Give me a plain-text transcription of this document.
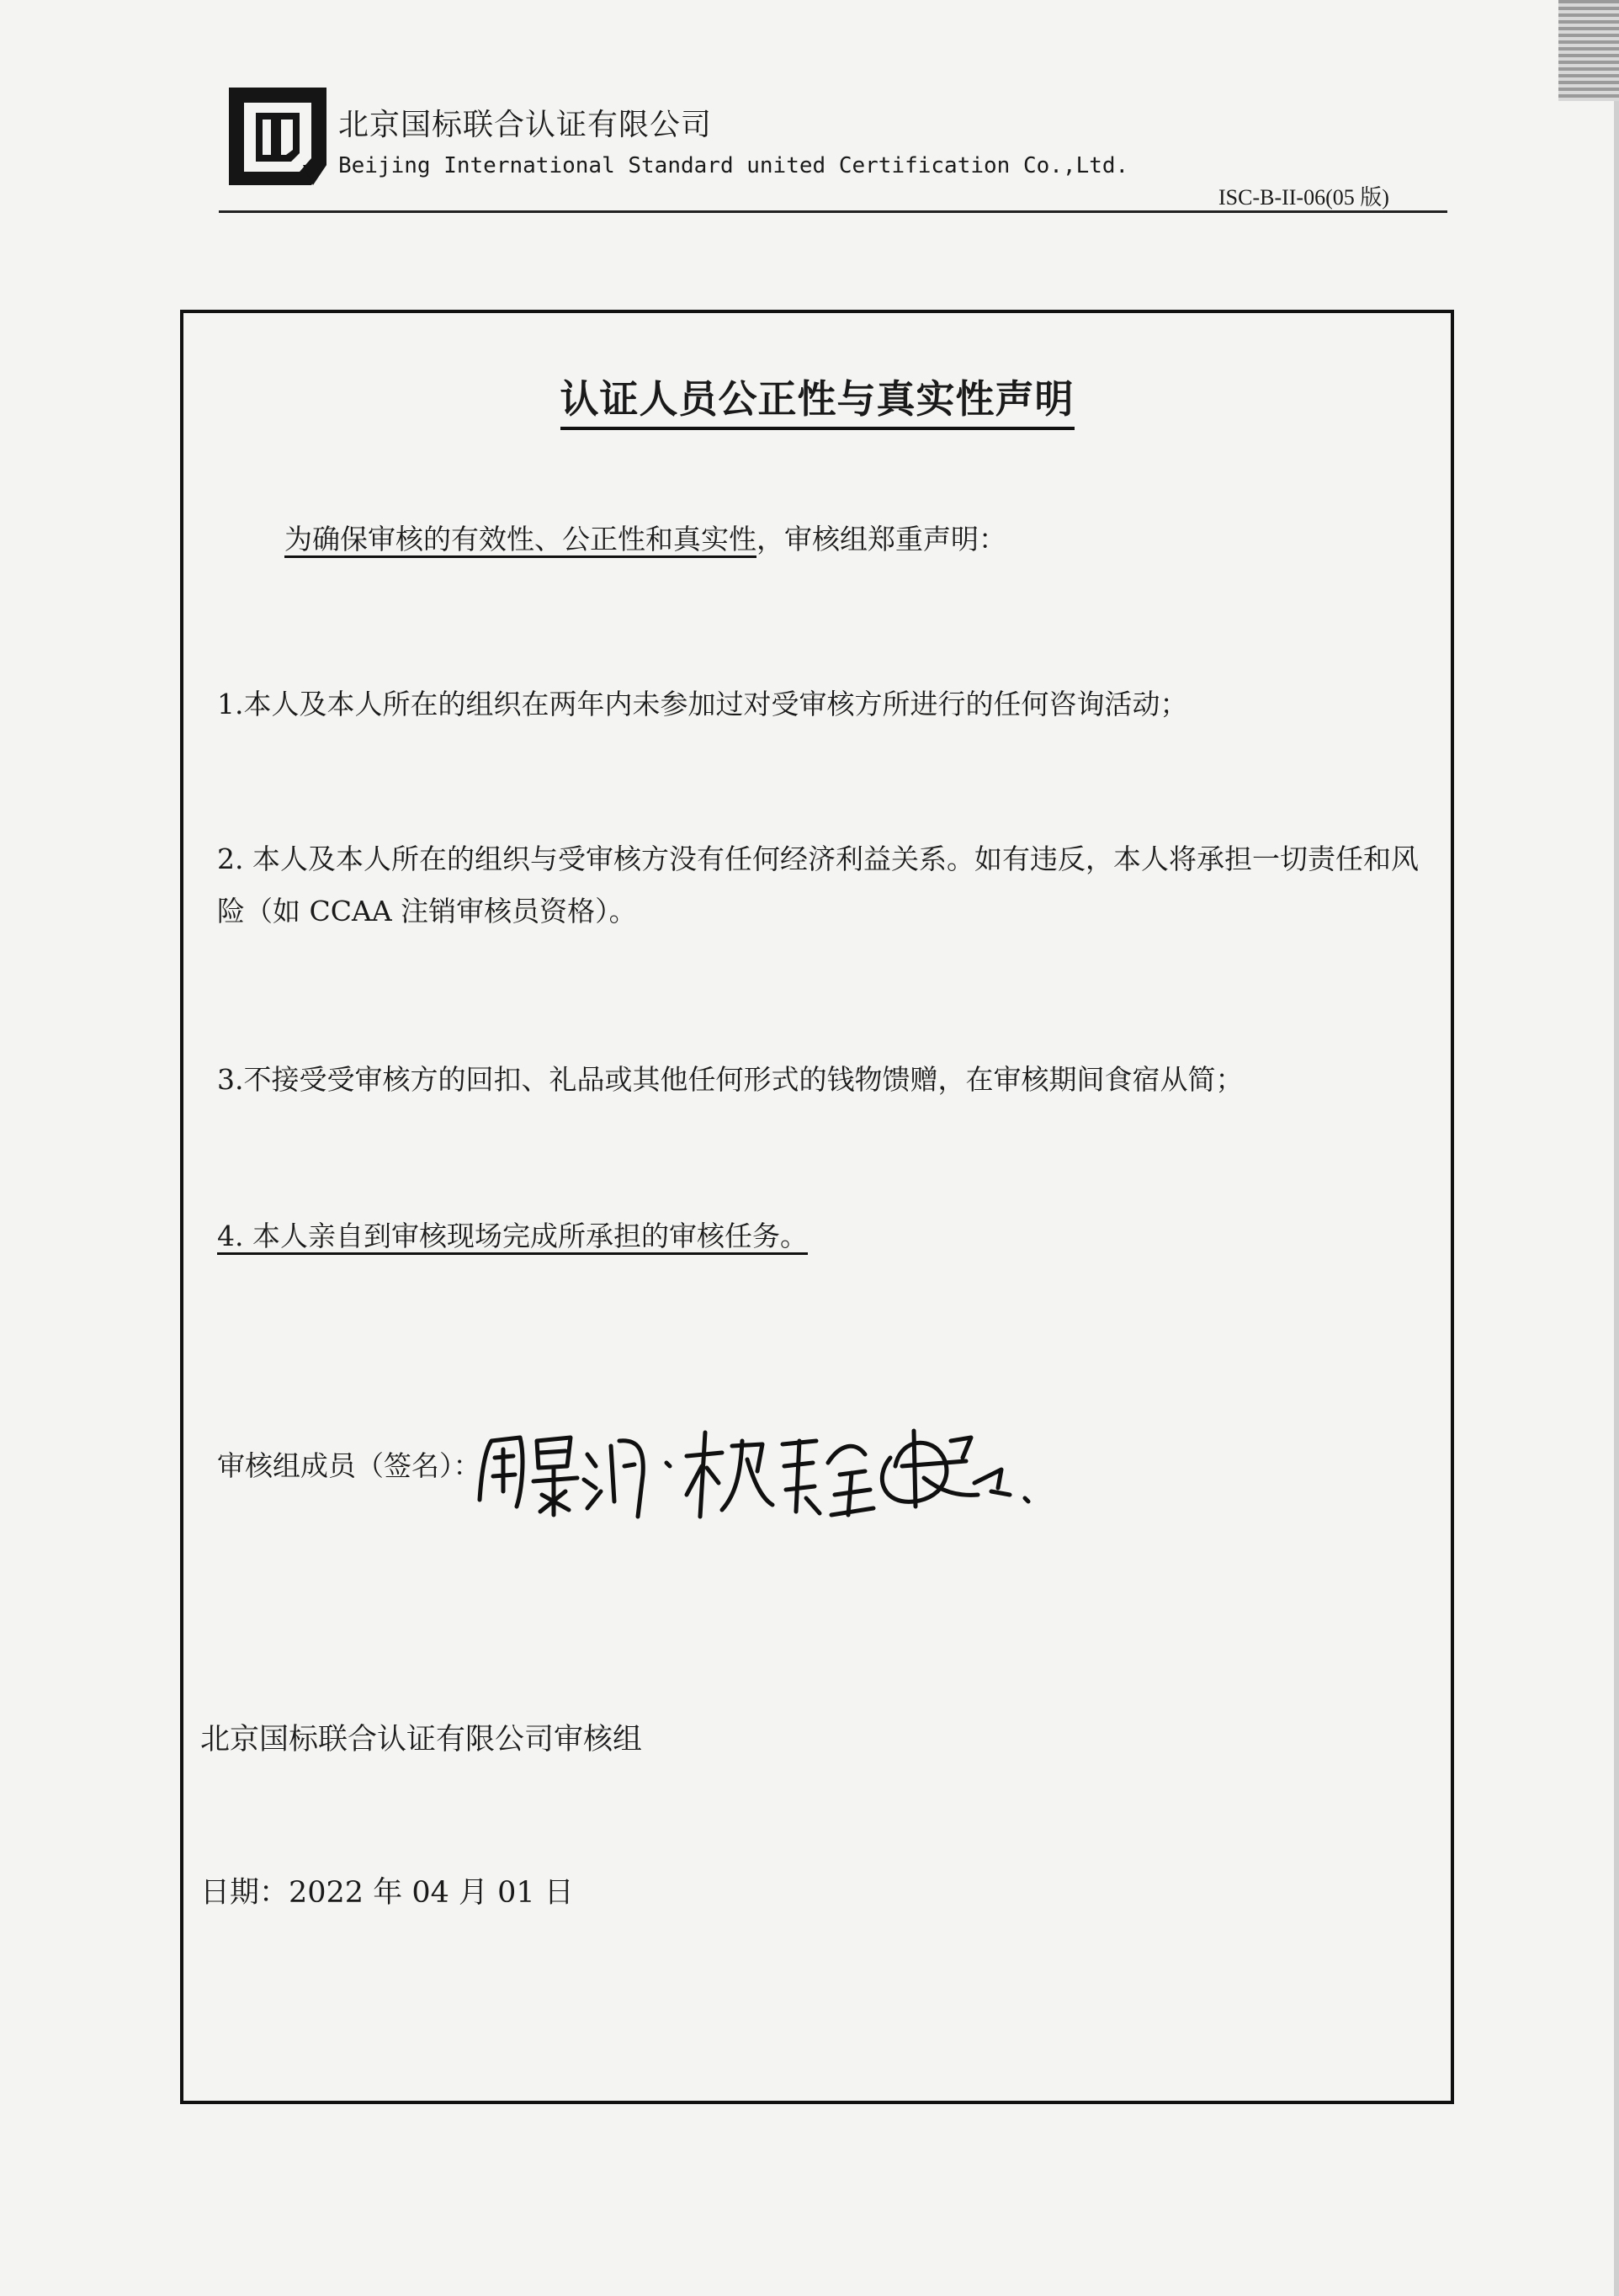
北京国标联合认证有限公司
Beijing International Standard united Certification Co.,Ltd.
ISC-B-II-06(05 版)
认证人员公正性与真实性声明
为确保审核的有效性、公正性和真实性，审核组郑重声明：
1.本人及本人所在的组织在两年内未参加过对受审核方所进行的任何咨询活动；
2. 本人及本人所在的组织与受审核方没有任何经济利益关系。如有违反，本人将承担一切责任和风险（如 CCAA 注销审核员资格）。
3.不接受受审核方的回扣、礼品或其他任何形式的钱物馈赠，在审核期间食宿从简；
4. 本人亲自到审核现场完成所承担的审核任务。
审核组成员（签名）：
北京国标联合认证有限公司审核组
日期：2022 年 04 月 01 日
